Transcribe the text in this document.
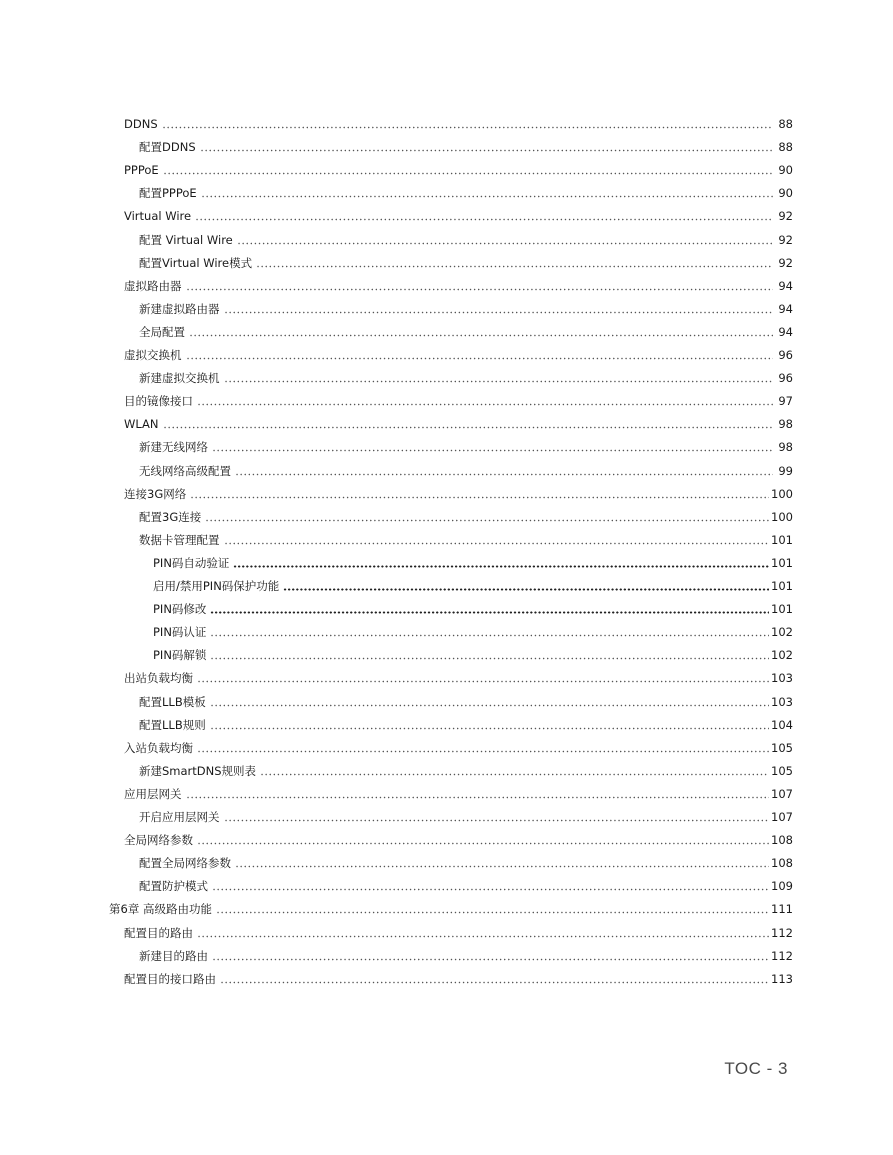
DDNS	88
配置DDNS	88
PPPoE	90
配置PPPoE	90
Virtual Wire	92
配置 Virtual Wire	92
配置Virtual Wire模式	92
虚拟路由器	94
新建虚拟路由器	94
全局配置	94
虚拟交换机	96
新建虚拟交换机	96
目的镜像接口	97
WLAN	98
新建无线网络	98
无线网络高级配置	99
连接3G网络	100
配置3G连接	100
数据卡管理配置	101
PIN码自动验证	101
启用/禁用PIN码保护功能	101
PIN码修改	101
PIN码认证	102
PIN码解锁	102
出站负载均衡	103
配置LLB模板	103
配置LLB规则	104
入站负载均衡	105
新建SmartDNS规则表	105
应用层网关	107
开启应用层网关	107
全局网络参数	108
配置全局网络参数	108
配置防护模式	109
第6章 高级路由功能	111
配置目的路由	112
新建目的路由	112
配置目的接口路由	113
TOC - 3
